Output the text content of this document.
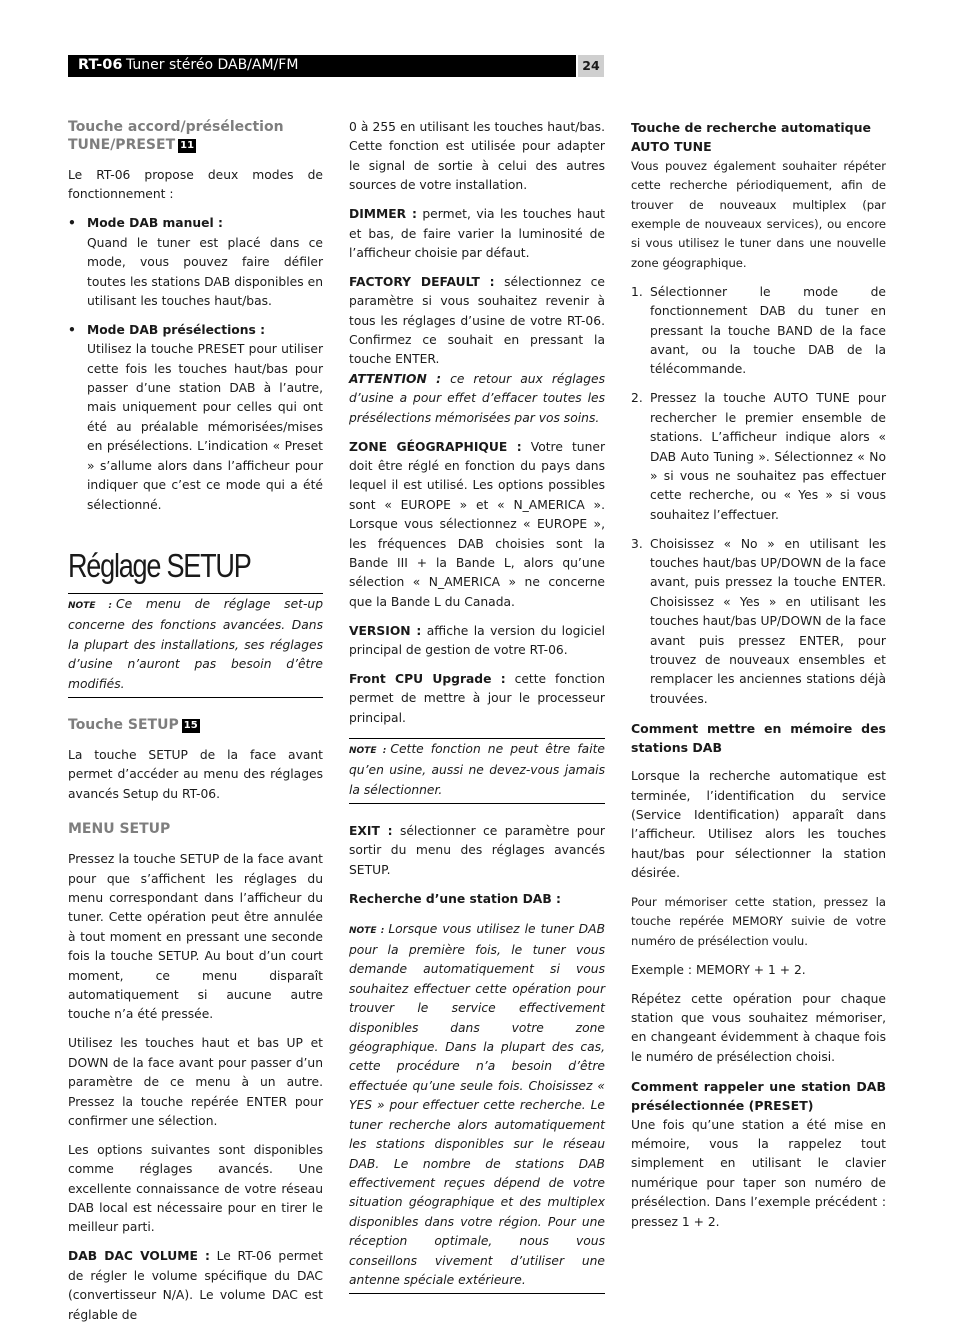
RT-06 Tuner stéréo DAB/AM/FM	24
Touche accord/présélection
TUNE/PRESET 11

Le RT-06 propose deux modes de fonctionnement :

• Mode DAB manuel :
Quand le tuner est placé dans ce mode, vous pouvez faire défiler toutes les stations DAB disponibles en utilisant les touches haut/bas.
• Mode DAB présélections :
Utilisez la touche PRESET pour utiliser cette fois les touches haut/bas pour passer d’une station DAB à l’autre, mais uniquement pour celles qui ont été au préalable mémorisées/mises en présélections. L’indication « Preset » s’allume alors dans l’afficheur pour indiquer que c’est ce mode qui a été sélectionné.
Réglage SETUP
NOTE : Ce menu de réglage set-up concerne des fonctions avancées. Dans la plupart des installations, ses réglages d’usine n’auront pas besoin d’être modifiés.
Touche SETUP 15

La touche SETUP de la face avant permet d’accéder au menu des réglages avancés Setup du RT-06.

MENU SETUP

Pressez la touche SETUP de la face avant pour que s’affichent les réglages du menu correspondant dans l’afficheur du tuner. Cette opération peut être annulée à tout moment en pressant une seconde fois la touche SETUP. Au bout d’un court moment, ce menu disparaît automatiquement si aucune autre touche n’a été pressée.

Utilisez les touches haut et bas UP et DOWN de la face avant pour passer d’un paramètre de ce menu à un autre. Pressez la touche repérée ENTER pour confirmer une sélection.

Les options suivantes sont disponibles comme réglages avancés. Une excellente connaissance de votre réseau DAB local est nécessaire pour en tirer le meilleur parti.

DAB DAC VOLUME : Le RT-06 permet de régler le volume spécifique du DAC (convertisseur N/A). Le volume DAC est réglable de

0 à 255 en utilisant les touches haut/bas. Cette fonction est utilisée pour adapter le signal de sortie à celui des autres sources de votre installation.

DIMMER : permet, via les touches haut et bas, de faire varier la luminosité de l’afficheur choisie par défaut.

FACTORY DEFAULT : sélectionnez ce paramètre si vous souhaitez revenir à tous les réglages d’usine de votre RT-06. Confirmez ce souhait en pressant la touche ENTER.

ATTENTION : ce retour aux réglages d’usine a pour effet d’effacer toutes les présélections mémorisées par vos soins.

ZONE GÉOGRAPHIQUE : Votre tuner doit être réglé en fonction du pays dans lequel il est utilisé. Les options possibles sont « EUROPE » et « N_AMERICA ». Lorsque vous sélectionnez « EUROPE », les fréquences DAB choisies sont la Bande III + la Bande L, alors qu’une sélection « N_AMERICA » ne concerne que la Bande L du Canada.

VERSION : affiche la version du logiciel principal de gestion de votre RT-06.

Front CPU Upgrade : cette fonction permet de mettre à jour le processeur principal.

NOTE : Cette fonction ne peut être faite qu’en usine, aussi ne devez-vous jamais la sélectionner.

EXIT : sélectionner ce paramètre pour sortir du menu des réglages avancés SETUP.

Recherche d’une station DAB :

NOTE : Lorsque vous utilisez le tuner DAB pour la première fois, le tuner vous demande automatiquement si vous souhaitez effectuer cette opération pour trouver le service effectivement disponibles dans votre zone géographique. Dans la plupart des cas, cette procédure n’a besoin d’être effectuée qu’une seule fois. Choisissez « YES » pour effectuer cette recherche. Le tuner recherche alors automatiquement les stations disponibles sur le réseau DAB. Le nombre de stations DAB effectivement reçues dépend de votre situation géographique et des multiplex disponibles dans votre région. Pour une réception optimale, nous vous conseillons vivement d’utiliser une antenne spéciale extérieure.
Touche de recherche automatique
AUTO TUNE

Vous pouvez également souhaiter répéter cette recherche périodiquement, afin de trouver de nouveaux multiplex (par exemple de nouveaux services), ou encore si vous utilisez le tuner dans une nouvelle zone géographique.

1. Sélectionner le mode de fonctionnement DAB du tuner en pressant la touche BAND de la face avant, ou la touche DAB de la télécommande.
2. Pressez la touche AUTO TUNE pour rechercher le premier ensemble de stations. L’afficheur indique alors « DAB Auto Tuning ». Sélectionnez « No » si vous ne souhaitez pas effectuer cette recherche, ou « Yes » si vous souhaitez l’effectuer.
3. Choisissez « No » en utilisant les touches haut/bas UP/DOWN de la face avant, puis pressez la touche ENTER. Choisissez « Yes » en utilisant les touches haut/bas UP/DOWN de la face avant puis pressez ENTER, pour trouvez de nouveaux ensembles et remplacer les anciennes stations déjà trouvées.

Comment mettre en mémoire des stations DAB

Lorsque la recherche automatique est terminée, l’identification du service (Service Identification) apparaît dans l’afficheur. Utilisez alors les touches haut/bas pour sélectionner la station désirée.

Pour mémoriser cette station, pressez la touche repérée MEMORY suivie de votre numéro de présélection voulu.

Exemple : MEMORY + 1 + 2.

Répétez cette opération pour chaque station que vous souhaitez mémoriser, en changeant évidemment à chaque fois le numéro de présélection choisi.

Comment rappeler une station DAB présélectionnée (PRESET)

Une fois qu’une station a été mise en mémoire, vous la rappelez tout simplement en utilisant le clavier numérique pour taper son numéro de présélection. Dans l’exemple précédent : pressez 1 + 2.
